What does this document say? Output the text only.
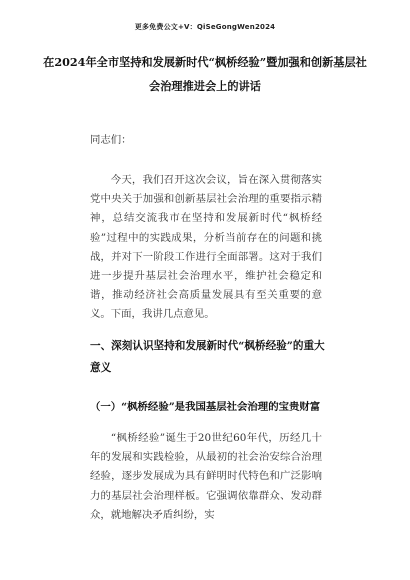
更多免费公文+V：QiSeGongWen2024
在2024年全市坚持和发展新时代“枫桥经验”暨加强和创新基层社会治理推进会上的讲话
同志们：

今天，我们召开这次会议，旨在深入贯彻落实党中央关于加强和创新基层社会治理的重要指示精神，总结交流我市在坚持和发展新时代“枫桥经验”过程中的实践成果，分析当前存在的问题和挑战，并对下一阶段工作进行全面部署。这对于我们进一步提升基层社会治理水平，维护社会稳定和谐，推动经济社会高质量发展具有至关重要的意义。下面，我讲几点意见。

一、深刻认识坚持和发展新时代“枫桥经验”的重大意义
（一）“枫桥经验”是我国基层社会治理的宝贵财富

“枫桥经验”诞生于20世纪60年代，历经几十年的发展和实践检验，从最初的社会治安综合治理经验，逐步发展成为具有鲜明时代特色和广泛影响力的基层社会治理样板。它强调依靠群众、发动群众，就地解决矛盾纠纷，实
